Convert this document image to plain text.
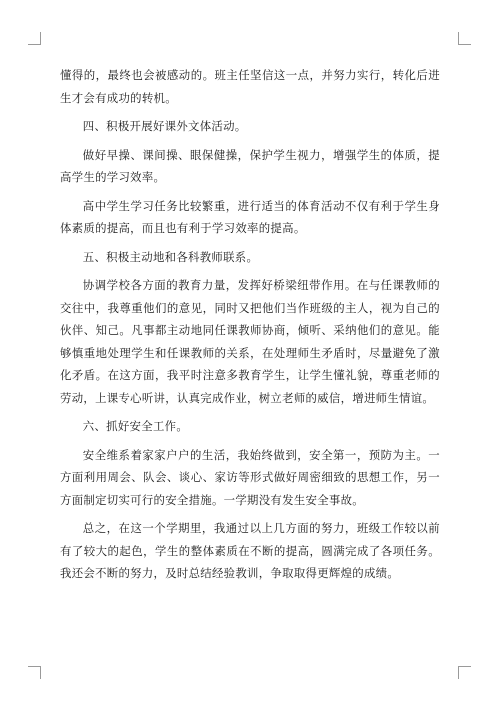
懂得的，最终也会被感动的。班主任坚信这一点，并努力实行，转化后进生才会有成功的转机。

四、积极开展好课外文体活动。

做好早操、课间操、眼保健操，保护学生视力，增强学生的体质，提高学生的学习效率。

高中学生学习任务比较繁重，进行适当的体育活动不仅有利于学生身体素质的提高，而且也有利于学习效率的提高。

五、积极主动地和各科教师联系。

协调学校各方面的教育力量，发挥好桥梁纽带作用。在与任课教师的交往中，我尊重他们的意见，同时又把他们当作班级的主人，视为自己的伙伴、知己。凡事都主动地同任课教师协商，倾听、采纳他们的意见。能够慎重地处理学生和任课教师的关系，在处理师生矛盾时，尽量避免了激化矛盾。在这方面，我平时注意多教育学生，让学生懂礼貌，尊重老师的劳动，上课专心听讲，认真完成作业，树立老师的威信，增进师生情谊。

六、抓好安全工作。

安全维系着家家户户的生活，我始终做到，安全第一，预防为主。一方面利用周会、队会、谈心、家访等形式做好周密细致的思想工作，另一方面制定切实可行的安全措施。一学期没有发生安全事故。

总之，在这一个学期里，我通过以上几方面的努力，班级工作较以前有了较大的起色，学生的整体素质在不断的提高，圆满完成了各项任务。我还会不断的努力，及时总结经验教训，争取取得更辉煌的成绩。
